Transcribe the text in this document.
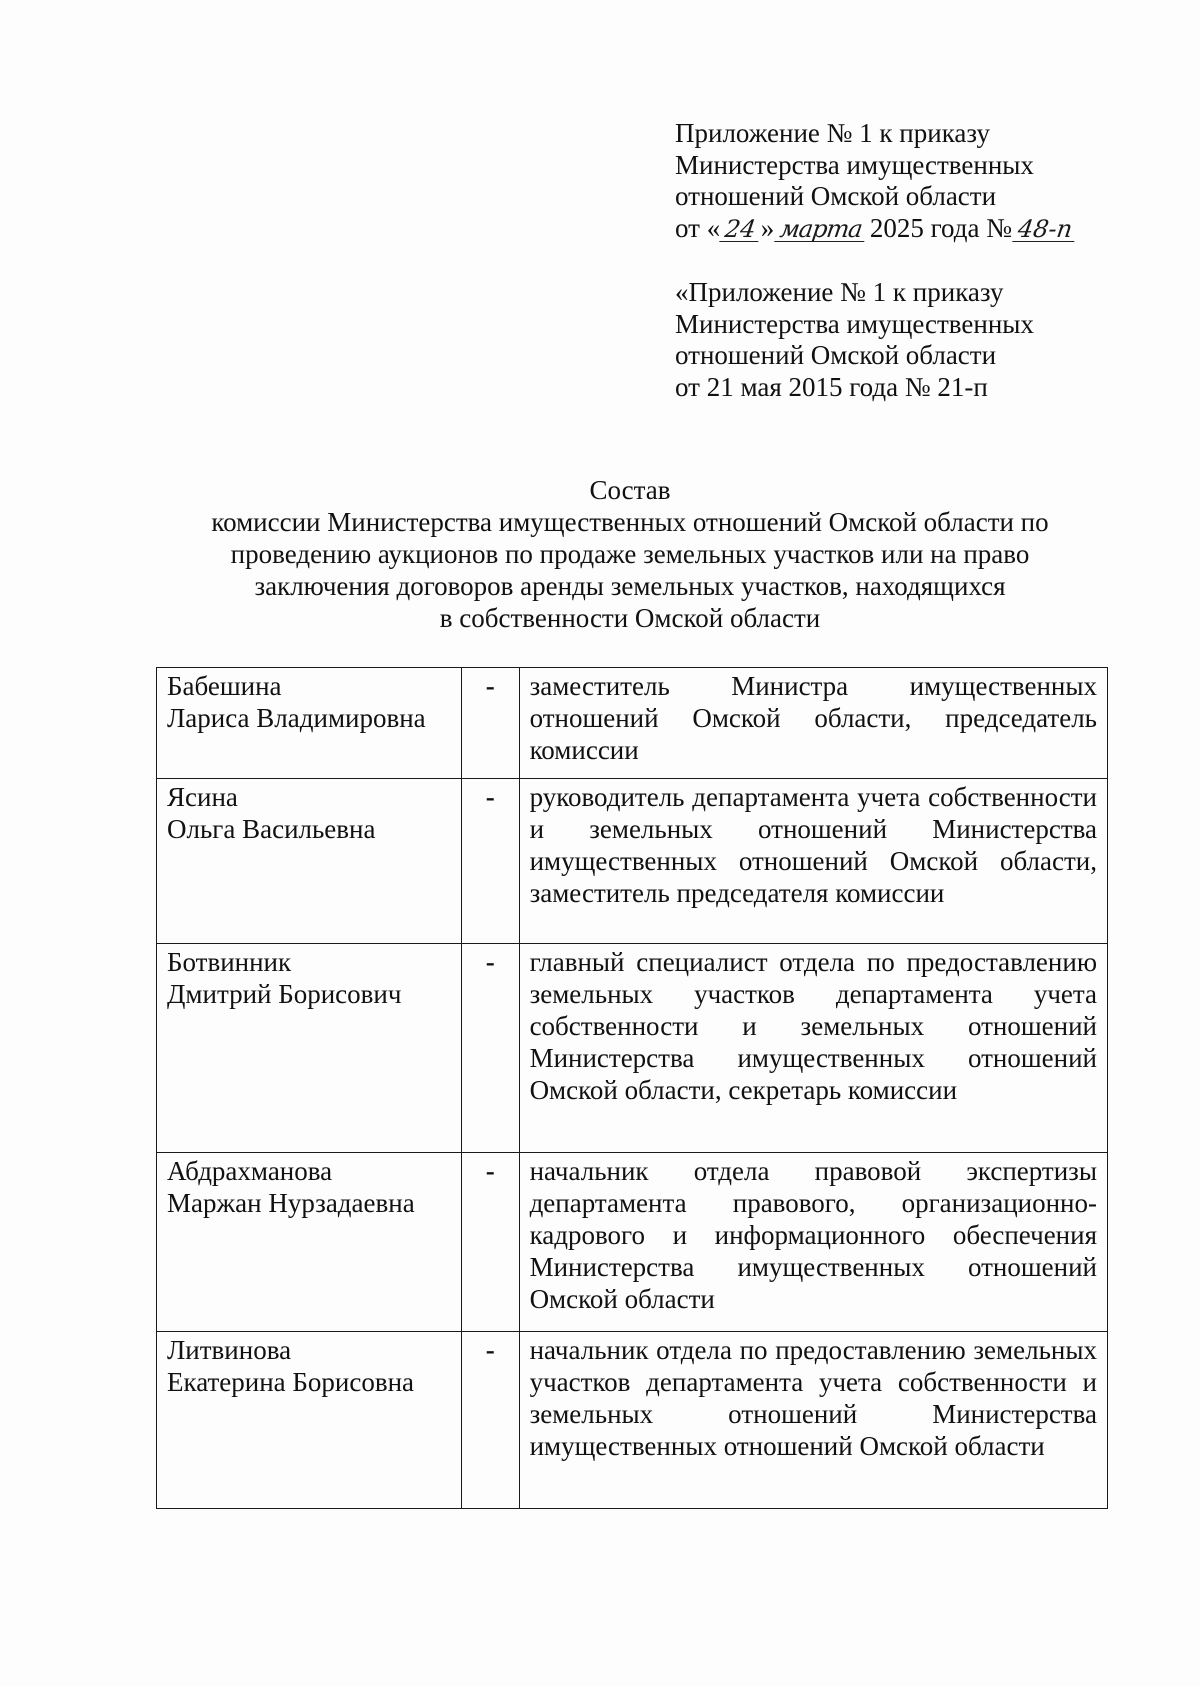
Приложение № 1 к приказу
Министерства имущественных
отношений Омской области
от « 24 » марта 2025 года № 48-п
«Приложение № 1 к приказу
Министерства имущественных
отношений Омской области
от 21 мая 2015 года № 21-п
Состав
комиссии Министерства имущественных отношений Омской области по
проведению аукционов по продаже земельных участков или на право
заключения договоров аренды земельных участков, находящихся
в собственности Омской области
Бабешина
Лариса Владимировна	-	заместитель Министра имущественных отношений Омской области, председатель комиссии

Ясина
Ольга Васильевна	-	руководитель департамента учета собственности и земельных отношений Министерства имущественных отношений Омской области, заместитель председателя комиссии

Ботвинник
Дмитрий Борисович	-	главный специалист отдела по предоставлению земельных участков департамента учета собственности и земельных отношений Министерства имущественных отношений Омской области, секретарь комиссии

Абдрахманова
Маржан Нурзадаевна	-	начальник отдела правовой экспертизы департамента правового, организационно-кадрового и информационного обеспечения Министерства имущественных отношений Омской области

Литвинова
Екатерина Борисовна	-	начальник отдела по предоставлению земельных участков департамента учета собственности и земельных отношений Министерства имущественных отношений Омской области
